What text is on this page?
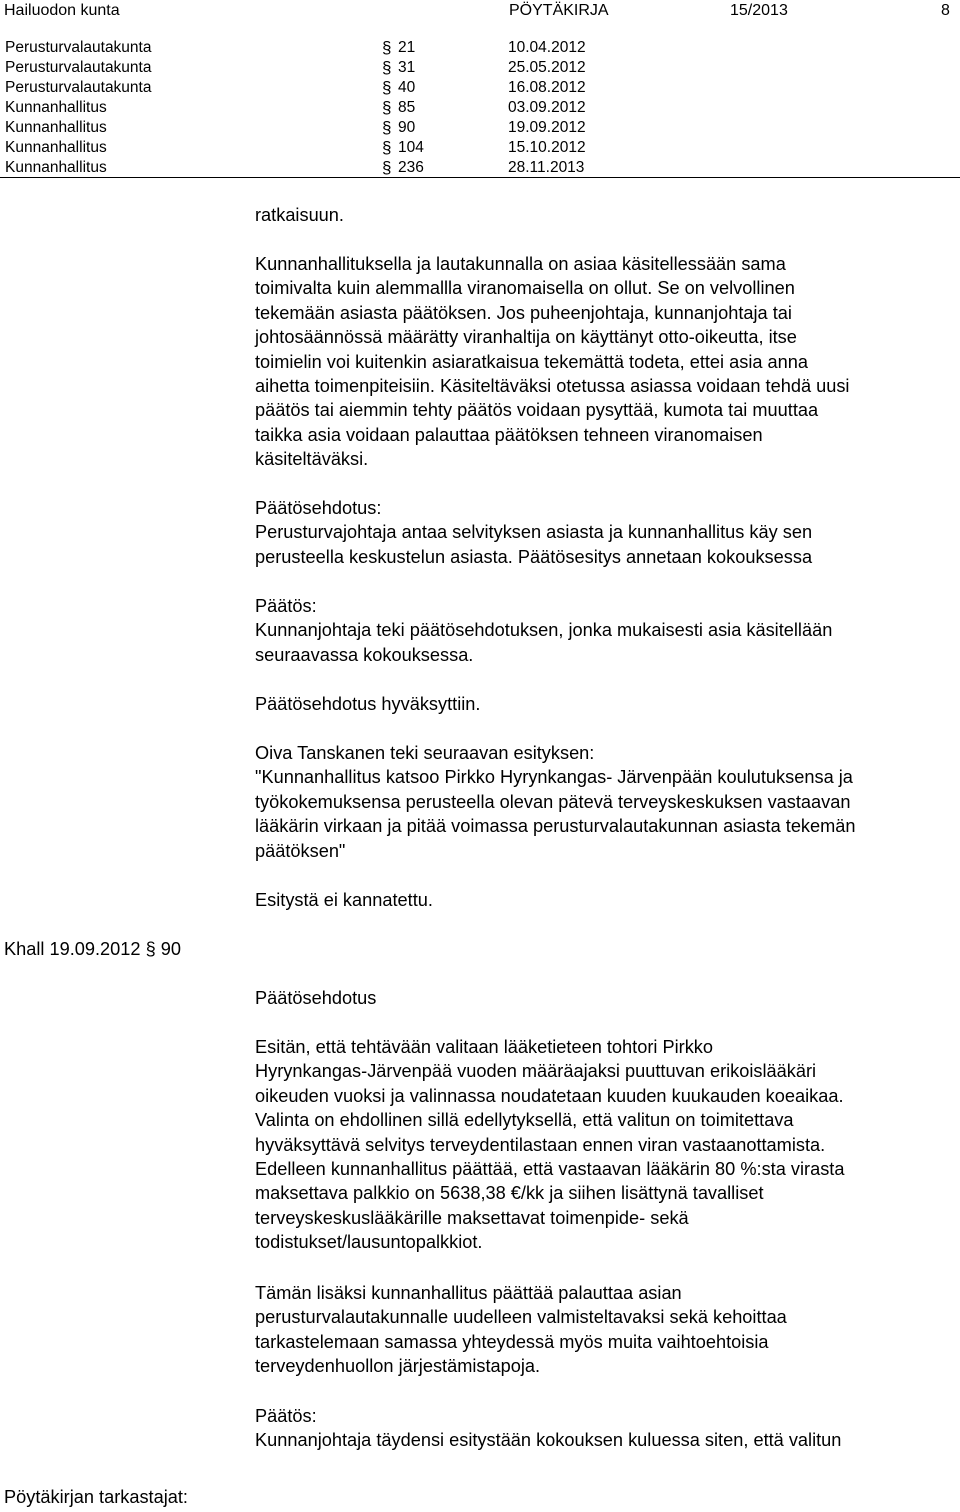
Hailuodon kunta	PÖYTÄKIRJA	15/2013	8
Perusturvalautakunta	§ 21	10.04.2012
Perusturvalautakunta	§ 31	25.05.2012
Perusturvalautakunta	§ 40	16.08.2012
Kunnanhallitus	§ 85	03.09.2012
Kunnanhallitus	§ 90	19.09.2012
Kunnanhallitus	§ 104	15.10.2012
Kunnanhallitus	§ 236	28.11.2013
ratkaisuun.
Kunnanhallituksella ja lautakunnalla on asiaa käsitellessään sama
toimivalta kuin alemmallla viranomaisella on ollut. Se on velvollinen
tekemään asiasta päätöksen. Jos puheenjohtaja, kunnanjohtaja tai
johtosäännössä määrätty viranhaltija on käyttänyt otto-oikeutta, itse
toimielin voi kuitenkin asiaratkaisua tekemättä todeta, ettei asia anna
aihetta toimenpiteisiin. Käsiteltäväksi otetussa asiassa voidaan tehdä uusi
päätös tai aiemmin tehty päätös voidaan pysyttää, kumota tai muuttaa
taikka asia voidaan palauttaa päätöksen tehneen viranomaisen
käsiteltäväksi.
Päätösehdotus:
Perusturvajohtaja antaa selvityksen asiasta ja kunnanhallitus käy sen
perusteella keskustelun asiasta. Päätösesitys annetaan kokouksessa
Päätös:
Kunnanjohtaja teki päätösehdotuksen, jonka mukaisesti asia käsitellään
seuraavassa kokouksessa.
Päätösehdotus hyväksyttiin.
Oiva Tanskanen teki seuraavan esityksen:
"Kunnanhallitus katsoo Pirkko Hyrynkangas- Järvenpään koulutuksensa ja
työkokemuksensa perusteella olevan pätevä terveyskeskuksen vastaavan
lääkärin virkaan ja pitää voimassa perusturvalautakunnan asiasta tekemän
päätöksen"
Esitystä ei kannatettu.
Khall 19.09.2012 § 90
Päätösehdotus
Esitän, että tehtävään valitaan lääketieteen tohtori Pirkko
Hyrynkangas-Järvenpää vuoden määräajaksi puuttuvan erikoislääkäri
oikeuden vuoksi ja valinnassa noudatetaan kuuden kuukauden koeaikaa.
Valinta on ehdollinen sillä edellytyksellä, että valitun on toimitettava
hyväksyttävä selvitys terveydentilastaan ennen viran vastaanottamista.
Edelleen kunnanhallitus päättää, että vastaavan lääkärin 80 %:sta virasta
maksettava palkkio on 5638,38 €/kk ja siihen lisättynä tavalliset
terveyskeskuslääkärille maksettavat toimenpide- sekä
todistukset/lausuntopalkkiot.
Tämän lisäksi kunnanhallitus päättää palauttaa asian
perusturvalautakunnalle uudelleen valmisteltavaksi sekä kehoittaa
tarkastelemaan samassa yhteydessä myös muita vaihtoehtoisia
terveydenhuollon järjestämistapoja.
Päätös:
Kunnanjohtaja täydensi esitystään kokouksen kuluessa siten, että valitun
Pöytäkirjan tarkastajat:
